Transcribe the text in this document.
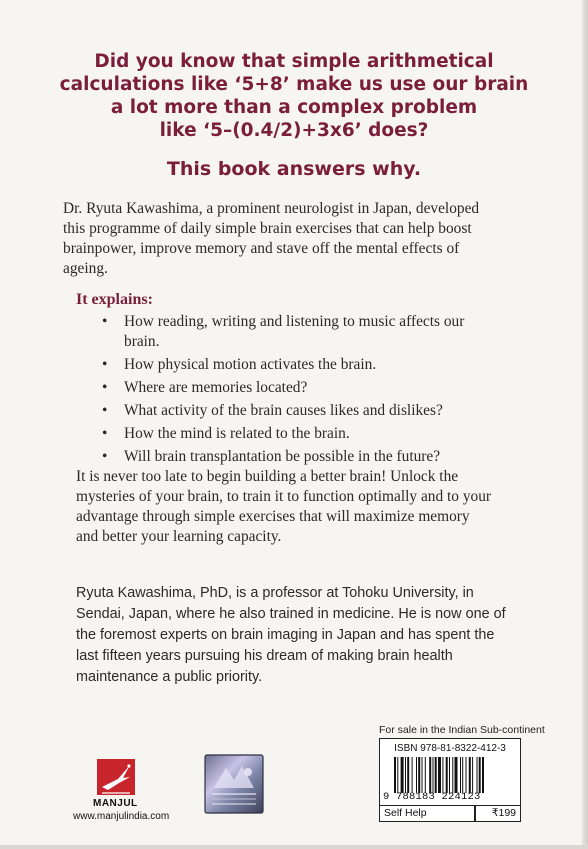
Did you know that simple arithmetical
calculations like ‘5+8’ make us use our brain
a lot more than a complex problem
like ‘5–(0.4/2)+3x6’ does?
This book answers why.
Dr. Ryuta Kawashima, a prominent neurologist in Japan, developed
this programme of daily simple brain exercises that can help boost
brainpower, improve memory and stave off the mental effects of
ageing.
It explains:
• How reading, writing and listening to music affects our
brain.
• How physical motion activates the brain.
• Where are memories located?
• What activity of the brain causes likes and dislikes?
• How the mind is related to the brain.
• Will brain transplantation be possible in the future?
It is never too late to begin building a better brain! Unlock the
mysteries of your brain, to train it to function optimally and to your
advantage through simple exercises that will maximize memory
and better your learning capacity.
Ryuta Kawashima, PhD, is a professor at Tohoku University, in
Sendai, Japan, where he also trained in medicine. He is now one of
the foremost experts on brain imaging in Japan and has spent the
last fifteen years pursuing his dream of making brain health
maintenance a public priority.
MANJUL
www.manjulindia.com
For sale in the Indian Sub-continent
ISBN 978-81-8322-412-3
9 788183 224123
Self Help	₹199
